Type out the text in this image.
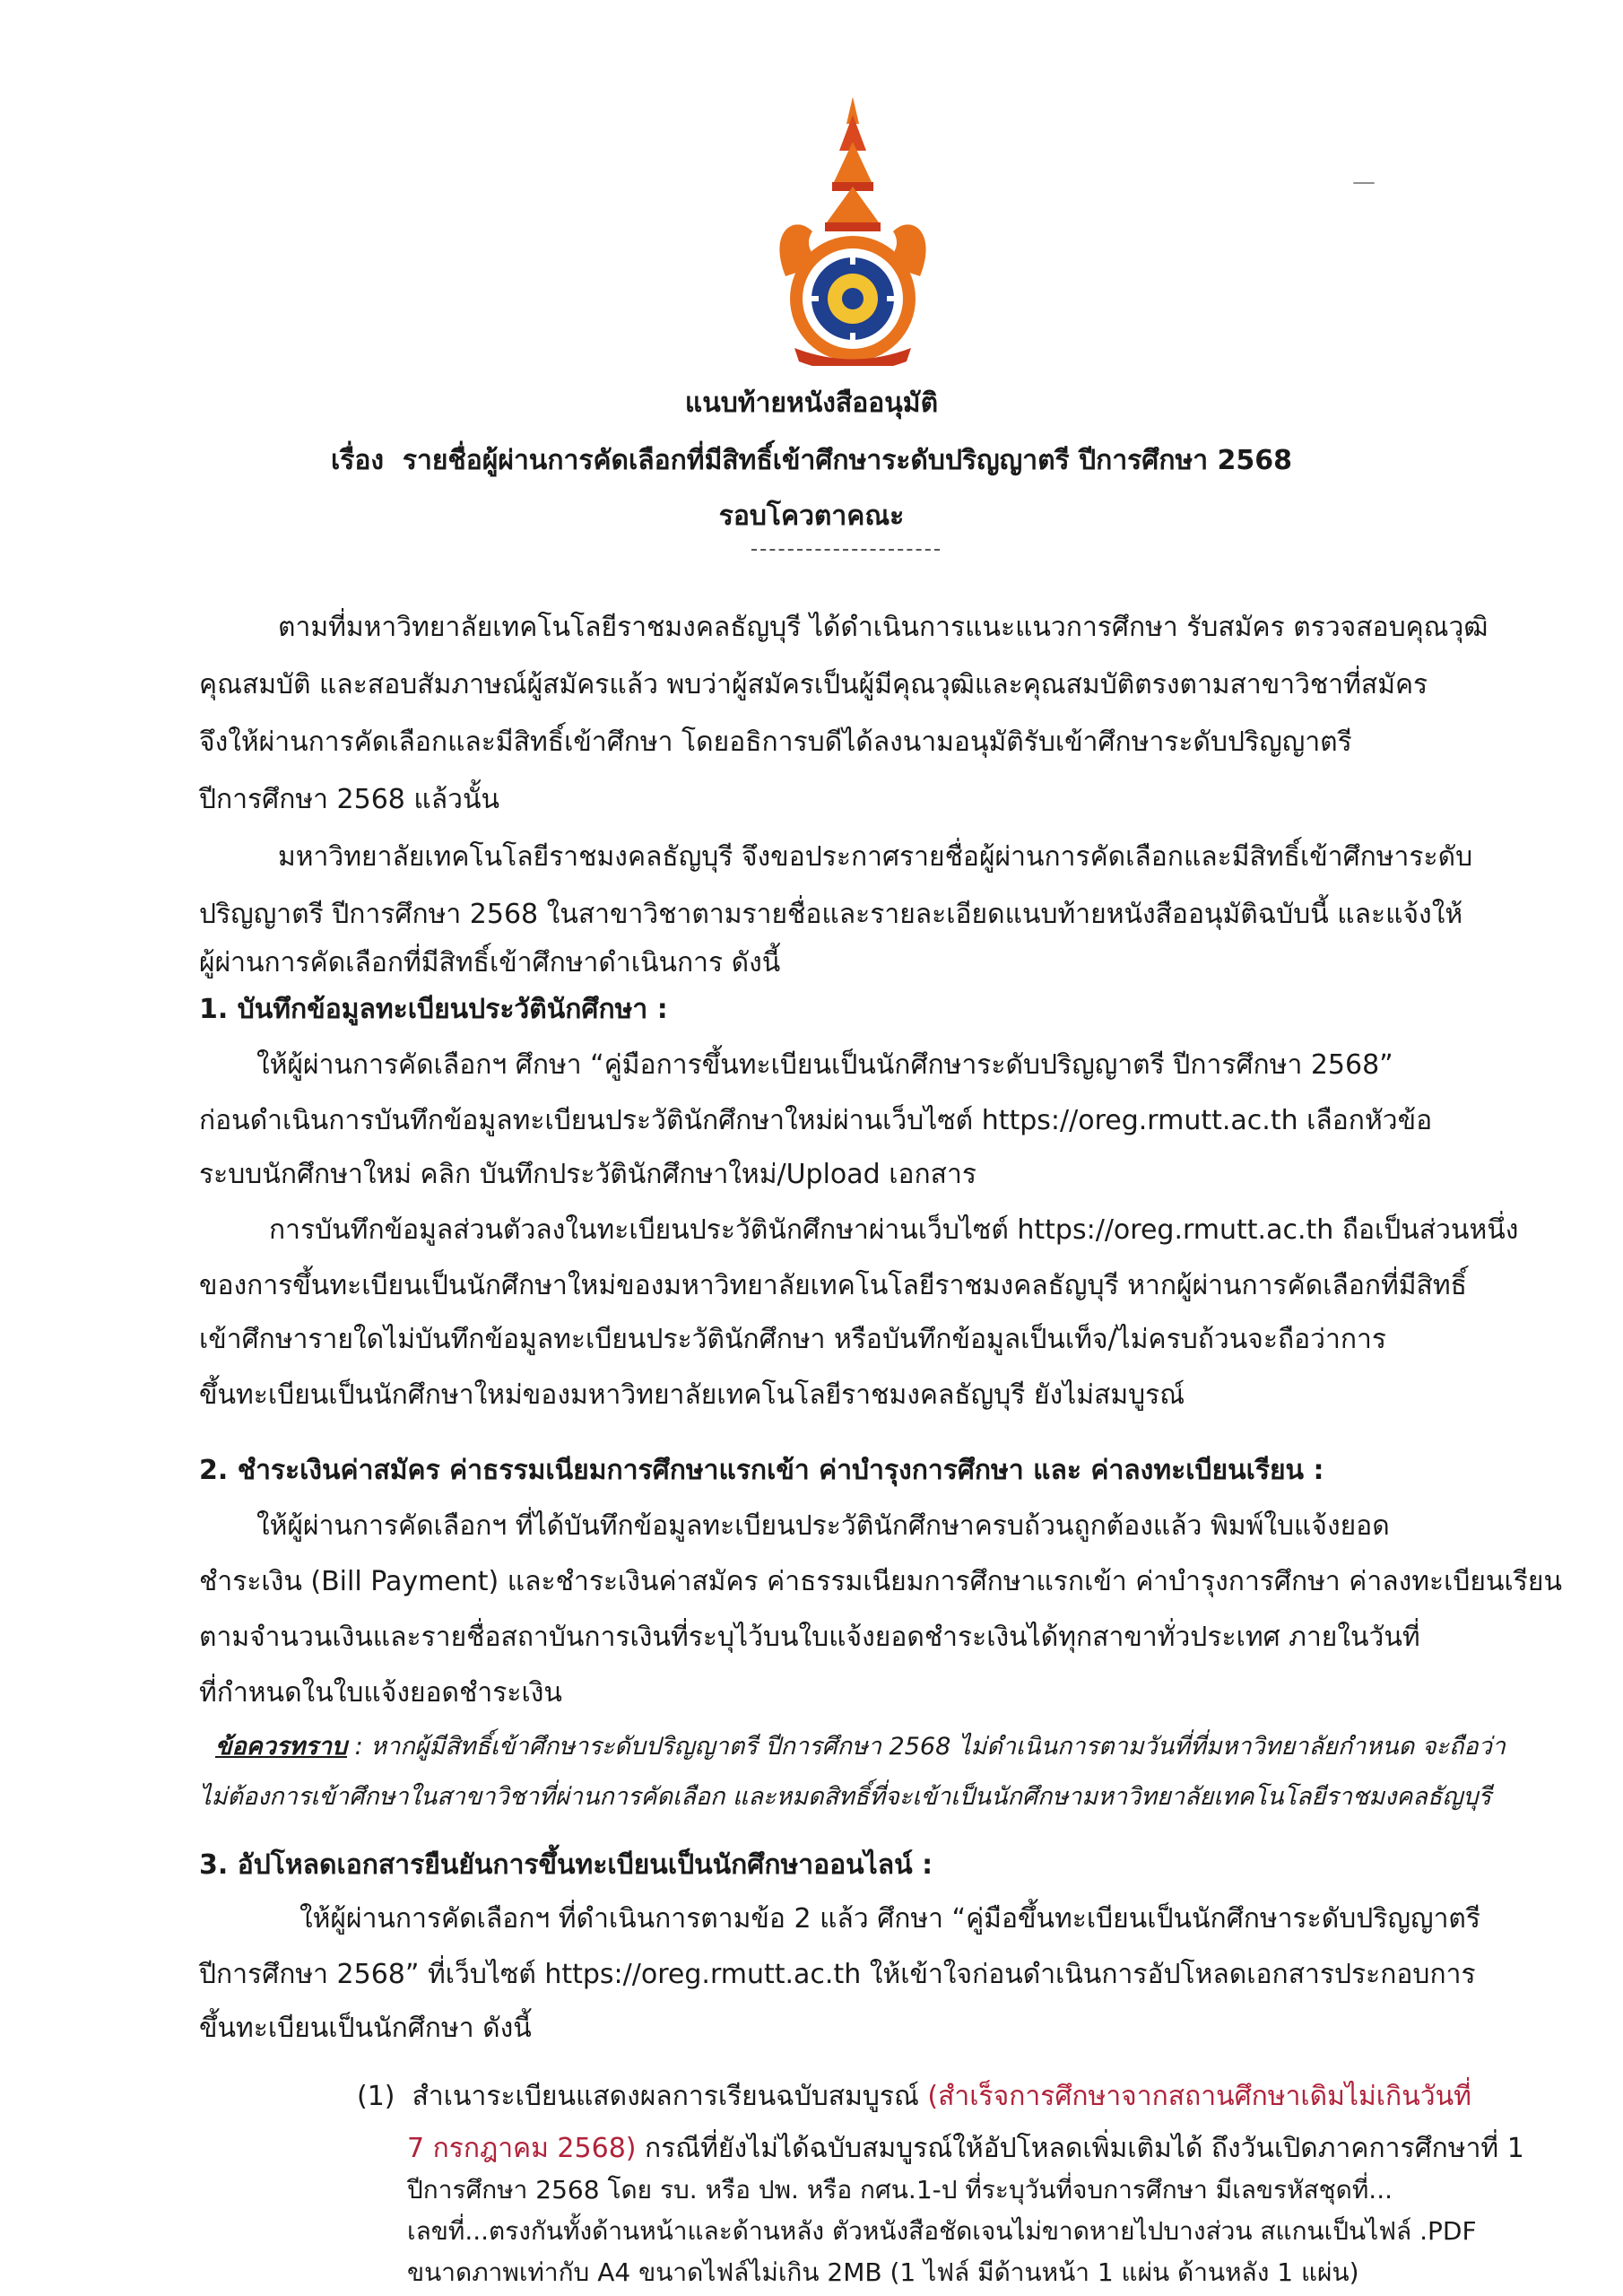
—
แนบท้ายหนังสืออนุมัติ
เรื่อง รายชื่อผู้ผ่านการคัดเลือกที่มีสิทธิ์เข้าศึกษาระดับปริญญาตรี ปีการศึกษา 2568
รอบโควตาคณะ
ตามที่มหาวิทยาลัยเทคโนโลยีราชมงคลธัญบุรี ได้ดำเนินการแนะแนวการศึกษา รับสมัคร ตรวจสอบคุณวุฒิ
คุณสมบัติ และสอบสัมภาษณ์ผู้สมัครแล้ว พบว่าผู้สมัครเป็นผู้มีคุณวุฒิและคุณสมบัติตรงตามสาขาวิชาที่สมัคร
จึงให้ผ่านการคัดเลือกและมีสิทธิ์เข้าศึกษา โดยอธิการบดีได้ลงนามอนุมัติรับเข้าศึกษาระดับปริญญาตรี
ปีการศึกษา 2568 แล้วนั้น
มหาวิทยาลัยเทคโนโลยีราชมงคลธัญบุรี จึงขอประกาศรายชื่อผู้ผ่านการคัดเลือกและมีสิทธิ์เข้าศึกษาระดับ
ปริญญาตรี ปีการศึกษา 2568 ในสาขาวิชาตามรายชื่อและรายละเอียดแนบท้ายหนังสืออนุมัติฉบับนี้ และแจ้งให้
ผู้ผ่านการคัดเลือกที่มีสิทธิ์เข้าศึกษาดำเนินการ ดังนี้
1. บันทึกข้อมูลทะเบียนประวัตินักศึกษา :
ให้ผู้ผ่านการคัดเลือกฯ ศึกษา “คู่มือการขึ้นทะเบียนเป็นนักศึกษาระดับปริญญาตรี ปีการศึกษา 2568”
ก่อนดำเนินการบันทึกข้อมูลทะเบียนประวัตินักศึกษาใหม่ผ่านเว็บไซต์ https://oreg.rmutt.ac.th เลือกหัวข้อ
ระบบนักศึกษาใหม่ คลิก บันทึกประวัตินักศึกษาใหม่/Upload เอกสาร
การบันทึกข้อมูลส่วนตัวลงในทะเบียนประวัตินักศึกษาผ่านเว็บไซต์ https://oreg.rmutt.ac.th ถือเป็นส่วนหนึ่ง
ของการขึ้นทะเบียนเป็นนักศึกษาใหม่ของมหาวิทยาลัยเทคโนโลยีราชมงคลธัญบุรี หากผู้ผ่านการคัดเลือกที่มีสิทธิ์
เข้าศึกษารายใดไม่บันทึกข้อมูลทะเบียนประวัตินักศึกษา หรือบันทึกข้อมูลเป็นเท็จ/ไม่ครบถ้วนจะถือว่าการ
ขึ้นทะเบียนเป็นนักศึกษาใหม่ของมหาวิทยาลัยเทคโนโลยีราชมงคลธัญบุรี ยังไม่สมบูรณ์
2. ชำระเงินค่าสมัคร ค่าธรรมเนียมการศึกษาแรกเข้า ค่าบำรุงการศึกษา และ ค่าลงทะเบียนเรียน :
ให้ผู้ผ่านการคัดเลือกฯ ที่ได้บันทึกข้อมูลทะเบียนประวัตินักศึกษาครบถ้วนถูกต้องแล้ว พิมพ์ใบแจ้งยอด
ชำระเงิน (Bill Payment) และชำระเงินค่าสมัคร ค่าธรรมเนียมการศึกษาแรกเข้า ค่าบำรุงการศึกษา ค่าลงทะเบียนเรียน
ตามจำนวนเงินและรายชื่อสถาบันการเงินที่ระบุไว้บนใบแจ้งยอดชำระเงินได้ทุกสาขาทั่วประเทศ ภายในวันที่
ที่กำหนดในใบแจ้งยอดชำระเงิน
ข้อควรทราบ : หากผู้มีสิทธิ์เข้าศึกษาระดับปริญญาตรี ปีการศึกษา 2568 ไม่ดำเนินการตามวันที่ที่มหาวิทยาลัยกำหนด จะถือว่า
ไม่ต้องการเข้าศึกษาในสาขาวิชาที่ผ่านการคัดเลือก และหมดสิทธิ์ที่จะเข้าเป็นนักศึกษามหาวิทยาลัยเทคโนโลยีราชมงคลธัญบุรี
3. อัปโหลดเอกสารยืนยันการขึ้นทะเบียนเป็นนักศึกษาออนไลน์ :
ให้ผู้ผ่านการคัดเลือกฯ ที่ดำเนินการตามข้อ 2 แล้ว ศึกษา “คู่มือขึ้นทะเบียนเป็นนักศึกษาระดับปริญญาตรี
ปีการศึกษา 2568” ที่เว็บไซต์ https://oreg.rmutt.ac.th ให้เข้าใจก่อนดำเนินการอัปโหลดเอกสารประกอบการ
ขึ้นทะเบียนเป็นนักศึกษา ดังนี้
(1) สำเนาระเบียนแสดงผลการเรียนฉบับสมบูรณ์ (สำเร็จการศึกษาจากสถานศึกษาเดิมไม่เกินวันที่
7 กรกฎาคม 2568) กรณีที่ยังไม่ได้ฉบับสมบูรณ์ให้อัปโหลดเพิ่มเติมได้ ถึงวันเปิดภาคการศึกษาที่ 1
ปีการศึกษา 2568 โดย รบ. หรือ ปพ. หรือ กศน.1-ป ที่ระบุวันที่จบการศึกษา มีเลขรหัสชุดที่...
เลขที่...ตรงกันทั้งด้านหน้าและด้านหลัง ตัวหนังสือชัดเจนไม่ขาดหายไปบางส่วน สแกนเป็นไฟล์ .PDF
ขนาดภาพเท่ากับ A4 ขนาดไฟล์ไม่เกิน 2MB (1 ไฟล์ มีด้านหน้า 1 แผ่น ด้านหลัง 1 แผ่น)
